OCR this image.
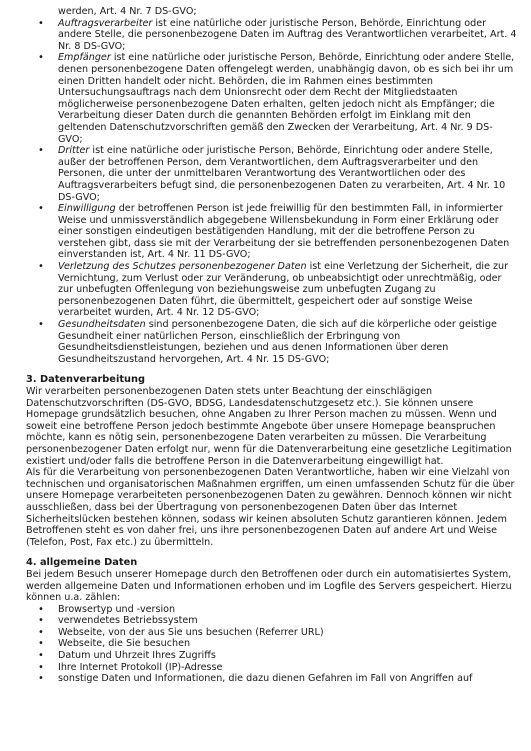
werden, Art. 4 Nr. 7 DS-GVO;

• Auftragsverarbeiter ist eine natürliche oder juristische Person, Behörde, Einrichtung oder andere Stelle, die personenbezogene Daten im Auftrag des Verantwortlichen verarbeitet, Art. 4 Nr. 8 DS-GVO;
• Empfänger ist eine natürliche oder juristische Person, Behörde, Einrichtung oder andere Stelle, denen personenbezogene Daten offengelegt werden, unabhängig davon, ob es sich bei ihr um einen Dritten handelt oder nicht. Behörden, die im Rahmen eines bestimmten Untersuchungsauftrags nach dem Unionsrecht oder dem Recht der Mitgliedstaaten möglicherweise personenbezogene Daten erhalten, gelten jedoch nicht als Empfänger; die Verarbeitung dieser Daten durch die genannten Behörden erfolgt im Einklang mit den geltenden Datenschutzvorschriften gemäß den Zwecken der Verarbeitung, Art. 4 Nr. 9 DS-GVO;
• Dritter ist eine natürliche oder juristische Person, Behörde, Einrichtung oder andere Stelle, außer der betroffenen Person, dem Verantwortlichen, dem Auftragsverarbeiter und den Personen, die unter der unmittelbaren Verantwortung des Verantwortlichen oder des Auftragsverarbeiters befugt sind, die personenbezogenen Daten zu verarbeiten, Art. 4 Nr. 10 DS-GVO;
• Einwilligung der betroffenen Person ist jede freiwillig für den bestimmten Fall, in informierter Weise und unmissverständlich abgegebene Willensbekundung in Form einer Erklärung oder einer sonstigen eindeutigen bestätigenden Handlung, mit der die betroffene Person zu verstehen gibt, dass sie mit der Verarbeitung der sie betreffenden personenbezogenen Daten einverstanden ist, Art. 4 Nr. 11 DS-GVO;
• Verletzung des Schutzes personenbezogener Daten ist eine Verletzung der Sicherheit, die zur Vernichtung, zum Verlust oder zur Veränderung, ob unbeabsichtigt oder unrechtmäßig, oder zur unbefugten Offenlegung von beziehungsweise zum unbefugten Zugang zu personenbezogenen Daten führt, die übermittelt, gespeichert oder auf sonstige Weise verarbeitet wurden, Art. 4 Nr. 12 DS-GVO;
• Gesundheitsdaten sind personenbezogene Daten, die sich auf die körperliche oder geistige Gesundheit einer natürlichen Person, einschließlich der Erbringung von Gesundheitsdienstleistungen, beziehen und aus denen Informationen über deren Gesundheitszustand hervorgehen, Art. 4 Nr. 15 DS-GVO;
3. Datenverarbeitung

Wir verarbeiten personenbezogenen Daten stets unter Beachtung der einschlägigen Datenschutzvorschriften (DS-GVO, BDSG, Landesdatenschutzgesetz etc.). Sie können unsere Homepage grundsätzlich besuchen, ohne Angaben zu Ihrer Person machen zu müssen. Wenn und soweit eine betroffene Person jedoch bestimmte Angebote über unsere Homepage beanspruchen möchte, kann es nötig sein, personenbezogene Daten verarbeiten zu müssen. Die Verarbeitung personenbezogener Daten erfolgt nur, wenn für die Datenverarbeitung eine gesetzliche Legitimation existiert und/oder falls die betroffene Person in die Datenverarbeitung eingewilligt hat.

Als für die Verarbeitung von personenbezogenen Daten Verantwortliche, haben wir eine Vielzahl von technischen und organisatorischen Maßnahmen ergriffen, um einen umfassenden Schutz für die über unsere Homepage verarbeiteten personenbezogenen Daten zu gewähren. Dennoch können wir nicht ausschließen, dass bei der Übertragung von personenbezogenen Daten über das Internet Sicherheitslücken bestehen können, sodass wir keinen absoluten Schutz garantieren können. Jedem Betroffenen steht es von daher frei, uns ihre personenbezogenen Daten auf andere Art und Weise (Telefon, Post, Fax etc.) zu übermitteln.

4. allgemeine Daten

Bei jedem Besuch unserer Homepage durch den Betroffenen oder durch ein automatisiertes System, werden allgemeine Daten und Informationen erhoben und im Logfile des Servers gespeichert. Hierzu können u.a. zählen:

• Browsertyp und -version
• verwendetes Betriebssystem
• Webseite, von der aus Sie uns besuchen (Referrer URL)
• Webseite, die Sie besuchen
• Datum und Uhrzeit Ihres Zugriffs
• Ihre Internet Protokoll (IP)-Adresse
• sonstige Daten und Informationen, die dazu dienen Gefahren im Fall von Angriffen auf
